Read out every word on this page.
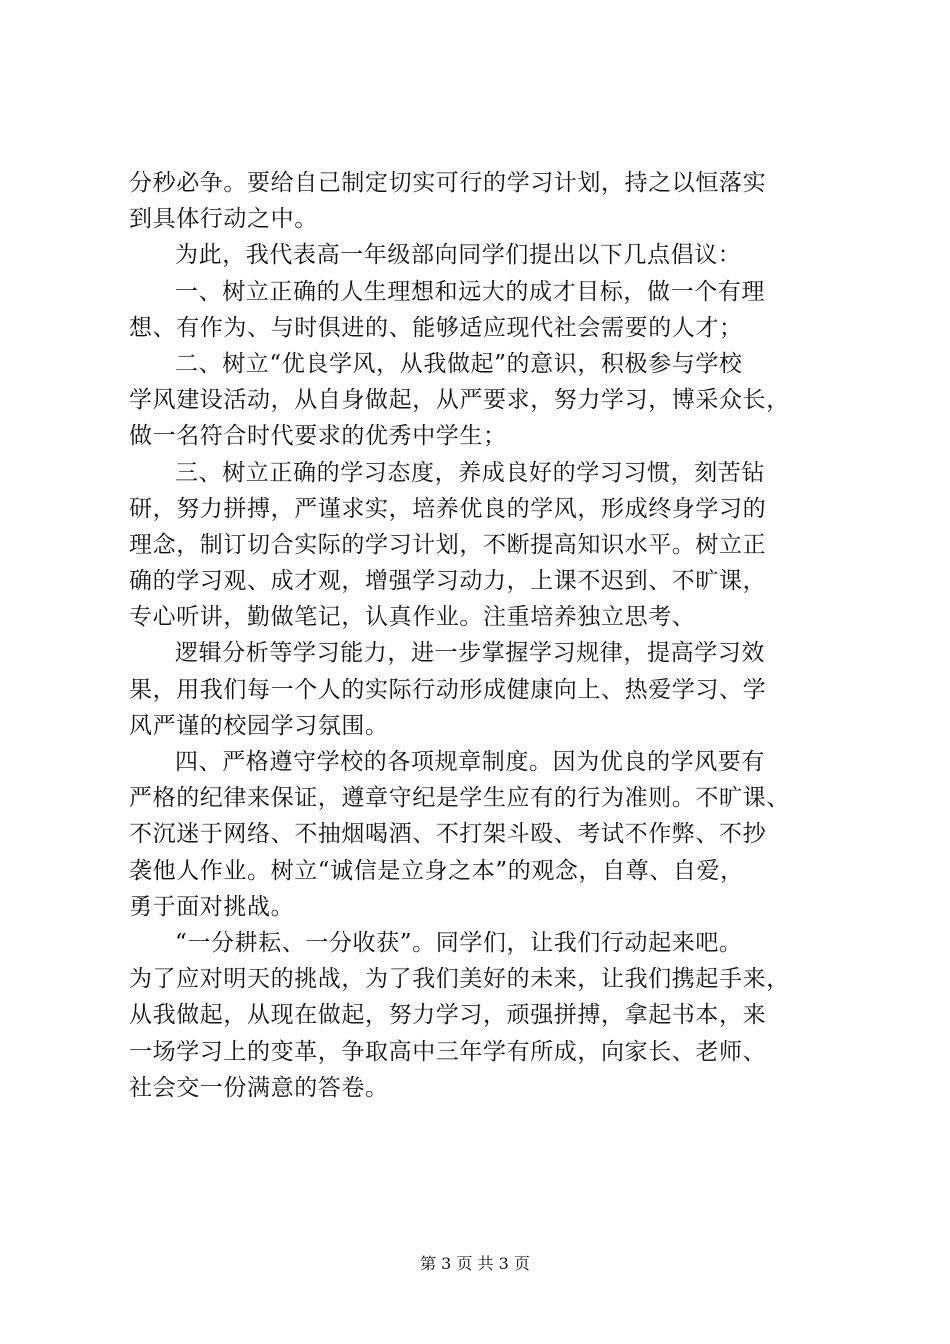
分秒必争。要给自己制定切实可行的学习计划，持之以恒落实
到具体行动之中。
为此，我代表高一年级部向同学们提出以下几点倡议：
一、树立正确的人生理想和远大的成才目标，做一个有理
想、有作为、与时俱进的、能够适应现代社会需要的人才；
二、树立“优良学风，从我做起”的意识，积极参与学校
学风建设活动，从自身做起，从严要求，努力学习，博采众长，
做一名符合时代要求的优秀中学生；
三、树立正确的学习态度，养成良好的学习习惯，刻苦钻
研，努力拼搏，严谨求实，培养优良的学风，形成终身学习的
理念，制订切合实际的学习计划，不断提高知识水平。树立正
确的学习观、成才观，增强学习动力，上课不迟到、不旷课，
专心听讲，勤做笔记，认真作业。注重培养独立思考、
逻辑分析等学习能力，进一步掌握学习规律，提高学习效
果，用我们每一个人的实际行动形成健康向上、热爱学习、学
风严谨的校园学习氛围。
四、严格遵守学校的各项规章制度。因为优良的学风要有
严格的纪律来保证，遵章守纪是学生应有的行为准则。不旷课、
不沉迷于网络、不抽烟喝酒、不打架斗殴、考试不作弊、不抄
袭他人作业。树立“诚信是立身之本”的观念，自尊、自爱，
勇于面对挑战。
“一分耕耘、一分收获”。同学们，让我们行动起来吧。
为了应对明天的挑战，为了我们美好的未来，让我们携起手来，
从我做起，从现在做起，努力学习，顽强拼搏，拿起书本，来
一场学习上的变革，争取高中三年学有所成，向家长、老师、
社会交一份满意的答卷。
第 3 页 共 3 页
